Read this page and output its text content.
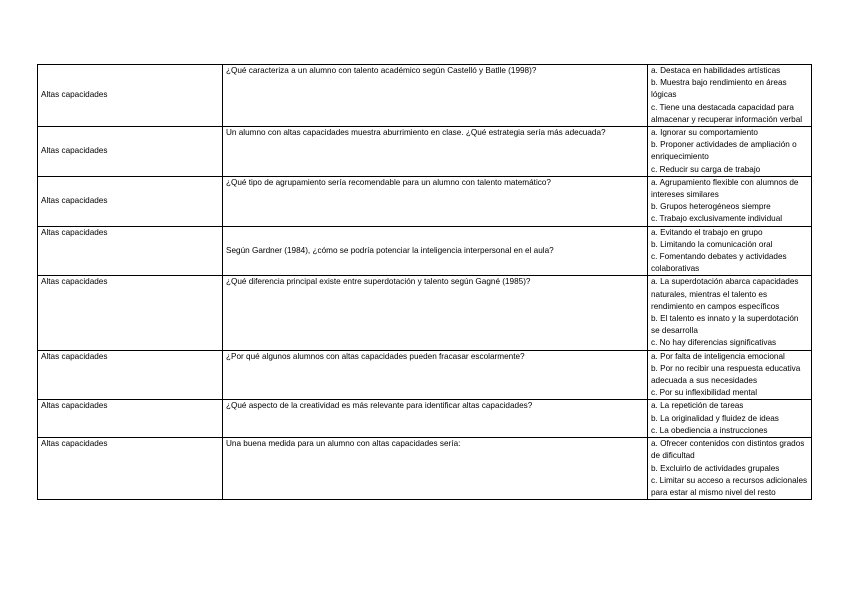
Altas capacidades	¿Qué caracteriza a un alumno con talento académico según Castelló y Batlle (1998)?	a. Destaca en habilidades artísticas
b. Muestra bajo rendimiento en áreas lógicas
c. Tiene una destacada capacidad para almacenar y recuperar información verbal

Altas capacidades	Un alumno con altas capacidades muestra aburrimiento en clase. ¿Qué estrategia sería más adecuada?	a. Ignorar su comportamiento
b. Proponer actividades de ampliación o enriquecimiento
c. Reducir su carga de trabajo

Altas capacidades	¿Qué tipo de agrupamiento sería recomendable para un alumno con talento matemático?	a. Agrupamiento flexible con alumnos de intereses similares
b. Grupos heterogéneos siempre
c. Trabajo exclusivamente individual

Altas capacidades	Según Gardner (1984), ¿cómo se podría potenciar la inteligencia interpersonal en el aula?	a. Evitando el trabajo en grupo
b. Limitando la comunicación oral
c. Fomentando debates y actividades colaborativas

Altas capacidades	¿Qué diferencia principal existe entre superdotación y talento según Gagné (1985)?	a. La superdotación abarca capacidades naturales, mientras el talento es rendimiento en campos específicos
b. El talento es innato y la superdotación se desarrolla
c. No hay diferencias significativas

Altas capacidades	¿Por qué algunos alumnos con altas capacidades pueden fracasar escolarmente?	a. Por falta de inteligencia emocional
b. Por no recibir una respuesta educativa adecuada a sus necesidades
c. Por su inflexibilidad mental

Altas capacidades	¿Qué aspecto de la creatividad es más relevante para identificar altas capacidades?	a. La repetición de tareas
b. La originalidad y fluidez de ideas
c. La obediencia a instrucciones

Altas capacidades	Una buena medida para un alumno con altas capacidades sería:	a. Ofrecer contenidos con distintos grados de dificultad
b. Excluirlo de actividades grupales
c. Limitar su acceso a recursos adicionales para estar al mismo nivel del resto
